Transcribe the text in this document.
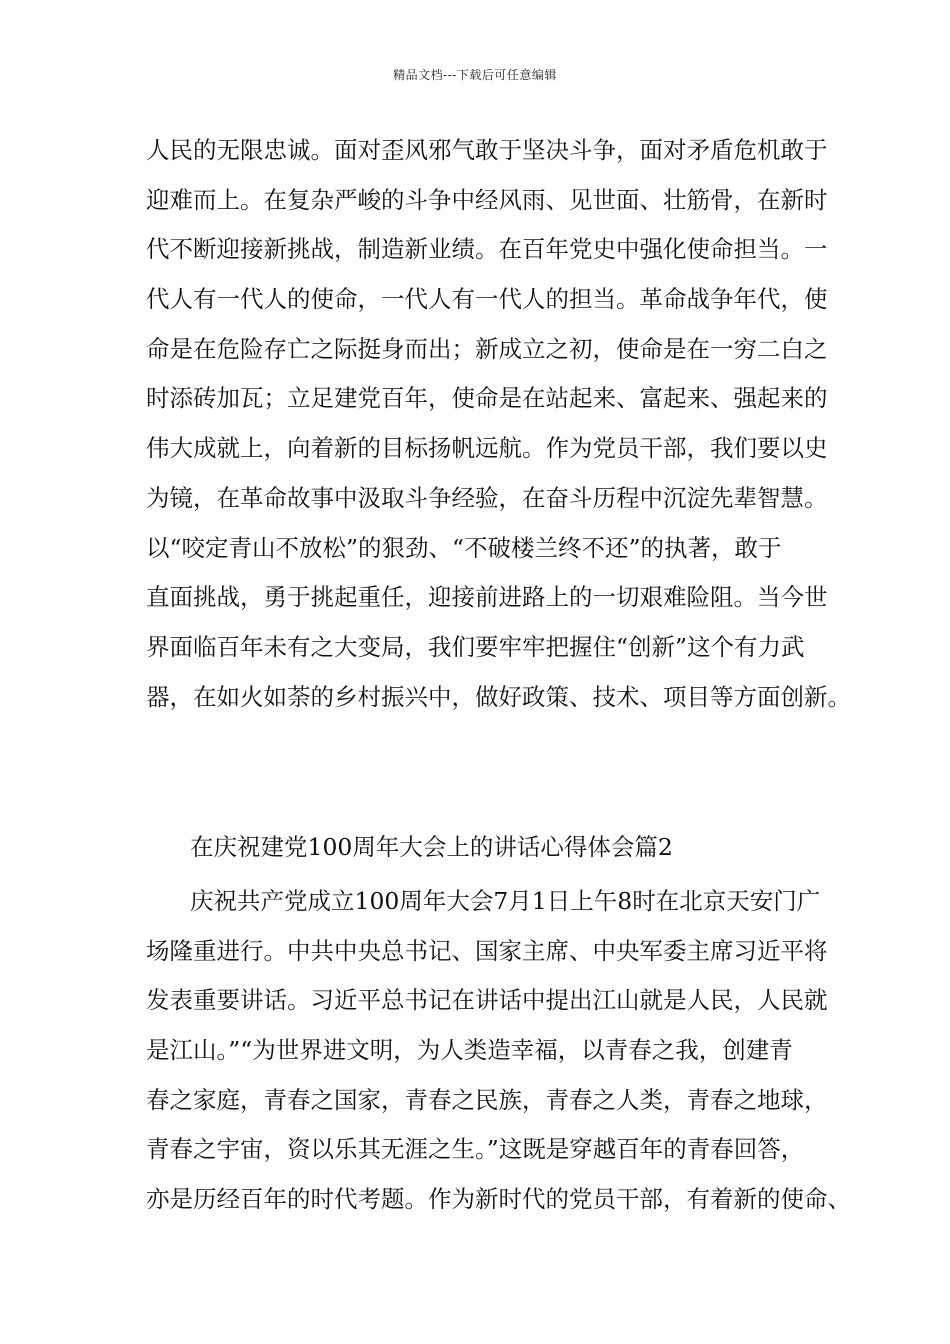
精品文档---下载后可任意编辑
人民的无限忠诚。面对歪风邪气敢于坚决斗争，面对矛盾危机敢于
迎难而上。在复杂严峻的斗争中经风雨、见世面、壮筋骨，在新时
代不断迎接新挑战，制造新业绩。在百年党史中强化使命担当。一
代人有一代人的使命，一代人有一代人的担当。革命战争年代，使
命是在危险存亡之际挺身而出；新成立之初，使命是在一穷二白之
时添砖加瓦；立足建党百年，使命是在站起来、富起来、强起来的
伟大成就上，向着新的目标扬帆远航。作为党员干部，我们要以史
为镜，在革命故事中汲取斗争经验，在奋斗历程中沉淀先辈智慧。
以“咬定青山不放松”的狠劲、“不破楼兰终不还”的执著，敢于
直面挑战，勇于挑起重任，迎接前进路上的一切艰难险阻。当今世
界面临百年未有之大变局，我们要牢牢把握住“创新”这个有力武
器，在如火如荼的乡村振兴中，做好政策、技术、项目等方面创新。
在庆祝建党100周年大会上的讲话心得体会篇2
庆祝共产党成立100周年大会7月1日上午8时在北京天安门广
场隆重进行。中共中央总书记、国家主席、中央军委主席习近平将
发表重要讲话。习近平总书记在讲话中提出江山就是人民，人民就
是江山。”“为世界进文明，为人类造幸福，以青春之我，创建青
春之家庭，青春之国家，青春之民族，青春之人类，青春之地球，
青春之宇宙，资以乐其无涯之生。”这既是穿越百年的青春回答，
亦是历经百年的时代考题。作为新时代的党员干部，有着新的使命、
